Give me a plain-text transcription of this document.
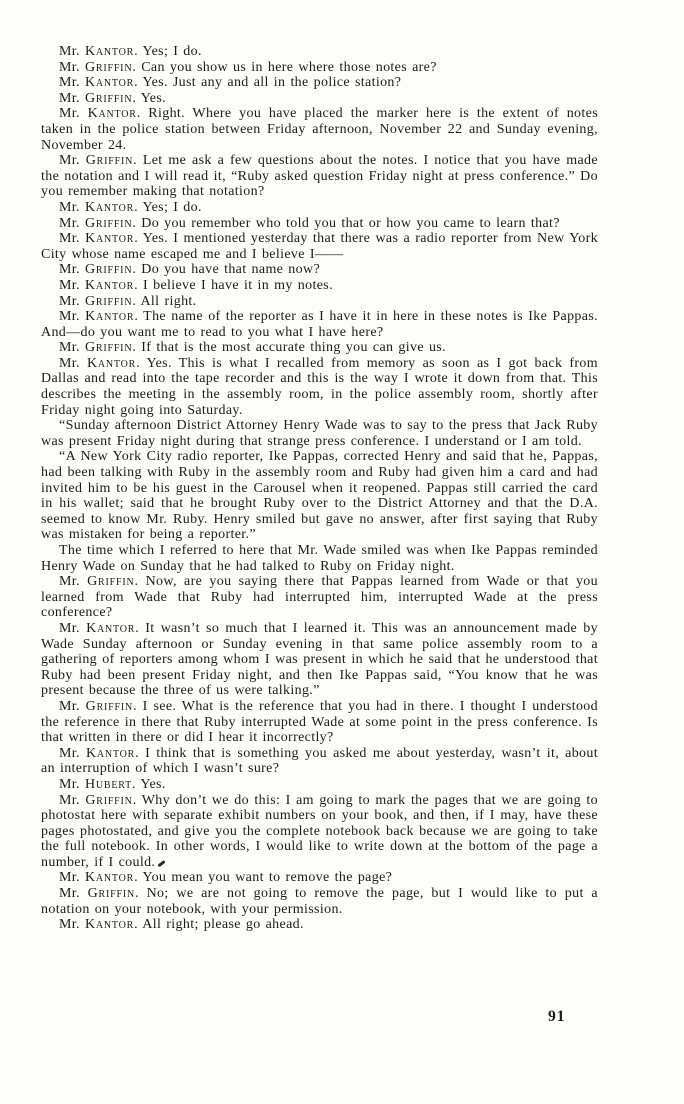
Mr. Kantor. Yes; I do.

Mr. Griffin. Can you show us in here where those notes are?

Mr. Kantor. Yes. Just any and all in the police station?

Mr. Griffin. Yes.

Mr. Kantor. Right. Where you have placed the marker here is the extent of notes taken in the police station between Friday afternoon, November 22 and Sunday evening, November 24.

Mr. Griffin. Let me ask a few questions about the notes. I notice that you have made the notation and I will read it, “Ruby asked question Friday night at press conference.” Do you remember making that notation?

Mr. Kantor. Yes; I do.

Mr. Griffin. Do you remember who told you that or how you came to learn that?

Mr. Kantor. Yes. I mentioned yesterday that there was a radio reporter from New York City whose name escaped me and I believe I——

Mr. Griffin. Do you have that name now?

Mr. Kantor. I believe I have it in my notes.

Mr. Griffin. All right.

Mr. Kantor. The name of the reporter as I have it in here in these notes is Ike Pappas. And—do you want me to read to you what I have here?

Mr. Griffin. If that is the most accurate thing you can give us.

Mr. Kantor. Yes. This is what I recalled from memory as soon as I got back from Dallas and read into the tape recorder and this is the way I wrote it down from that. This describes the meeting in the assembly room, in the police assembly room, shortly after Friday night going into Saturday.

“Sunday afternoon District Attorney Henry Wade was to say to the press that Jack Ruby was present Friday night during that strange press conference. I understand or I am told.

“A New York City radio reporter, Ike Pappas, corrected Henry and said that he, Pappas, had been talking with Ruby in the assembly room and Ruby had given him a card and had invited him to be his guest in the Carousel when it reopened. Pappas still carried the card in his wallet; said that he brought Ruby over to the District Attorney and that the D.A. seemed to know Mr. Ruby. Henry smiled but gave no answer, after first saying that Ruby was mistaken for being a reporter.”

The time which I referred to here that Mr. Wade smiled was when Ike Pappas reminded Henry Wade on Sunday that he had talked to Ruby on Friday night.

Mr. Griffin. Now, are you saying there that Pappas learned from Wade or that you learned from Wade that Ruby had interrupted him, interrupted Wade at the press conference?

Mr. Kantor. It wasn’t so much that I learned it. This was an announcement made by Wade Sunday afternoon or Sunday evening in that same police assembly room to a gathering of reporters among whom I was present in which he said that he understood that Ruby had been present Friday night, and then Ike Pappas said, “You know that he was present because the three of us were talking.”

Mr. Griffin. I see. What is the reference that you had in there. I thought I understood the reference in there that Ruby interrupted Wade at some point in the press conference. Is that written in there or did I hear it incorrectly?

Mr. Kantor. I think that is something you asked me about yesterday, wasn’t it, about an interruption of which I wasn’t sure?

Mr. Hubert. Yes.

Mr. Griffin. Why don’t we do this: I am going to mark the pages that we are going to photostat here with separate exhibit numbers on your book, and then, if I may, have these pages photostated, and give you the complete notebook back because we are going to take the full notebook. In other words, I would like to write down at the bottom of the page a number, if I could.

Mr. Kantor. You mean you want to remove the page?

Mr. Griffin. No; we are not going to remove the page, but I would like to put a notation on your notebook, with your permission.

Mr. Kantor. All right; please go ahead.

91
